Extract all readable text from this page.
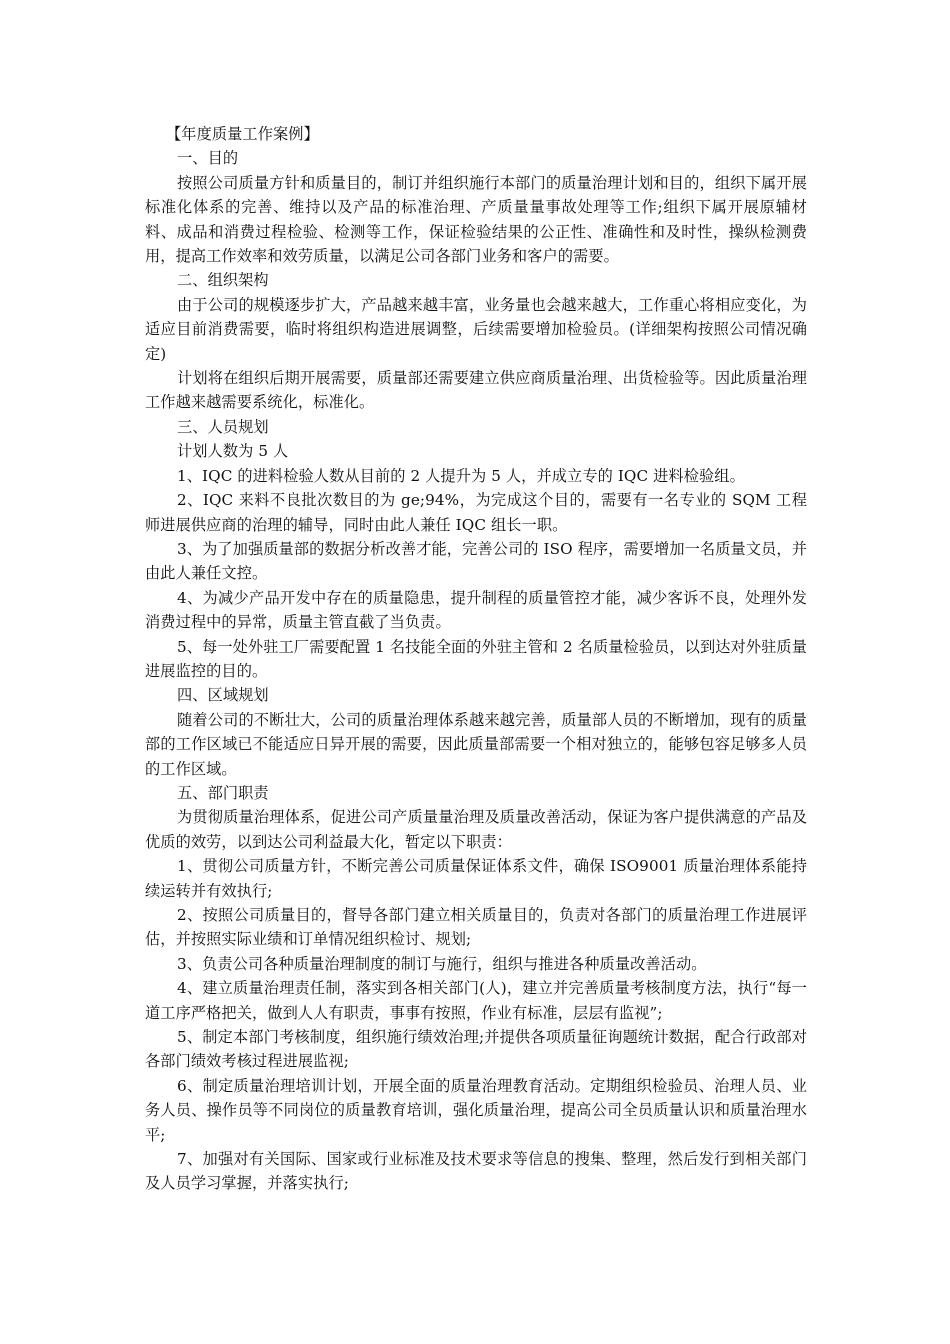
【年度质量工作案例】

一、目的

按照公司质量方针和质量目的，制订并组织施行本部门的质量治理计划和目的，组织下属开展标准化体系的完善、维持以及产品的标准治理、产质量量事故处理等工作;组织下属开展原辅材料、成品和消费过程检验、检测等工作，保证检验结果的公正性、准确性和及时性，操纵检测费用，提高工作效率和效劳质量，以满足公司各部门业务和客户的需要。

二、组织架构

由于公司的规模逐步扩大，产品越来越丰富，业务量也会越来越大，工作重心将相应变化，为适应目前消费需要，临时将组织构造进展调整，后续需要增加检验员。(详细架构按照公司情况确定)

计划将在组织后期开展需要，质量部还需要建立供应商质量治理、出货检验等。因此质量治理工作越来越需要系统化，标准化。

三、人员规划

计划人数为 5 人

1、IQC 的进料检验人数从目前的 2 人提升为 5 人，并成立专的 IQC 进料检验组。

2、IQC 来料不良批次数目的为 ge;94%，为完成这个目的，需要有一名专业的 SQM 工程师进展供应商的治理的辅导，同时由此人兼任 IQC 组长一职。

3、为了加强质量部的数据分析改善才能，完善公司的 ISO 程序，需要增加一名质量文员，并由此人兼任文控。

4、为减少产品开发中存在的质量隐患，提升制程的质量管控才能，减少客诉不良，处理外发消费过程中的异常，质量主管直截了当负责。

5、每一处外驻工厂需要配置 1 名技能全面的外驻主管和 2 名质量检验员，以到达对外驻质量进展监控的目的。

四、区域规划

随着公司的不断壮大，公司的质量治理体系越来越完善，质量部人员的不断增加，现有的质量部的工作区域已不能适应日异开展的需要，因此质量部需要一个相对独立的，能够包容足够多人员的工作区域。

五、部门职责

为贯彻质量治理体系，促进公司产质量量治理及质量改善活动，保证为客户提供满意的产品及优质的效劳，以到达公司利益最大化，暂定以下职责：

1、贯彻公司质量方针，不断完善公司质量保证体系文件，确保 ISO9001 质量治理体系能持续运转并有效执行;

2、按照公司质量目的，督导各部门建立相关质量目的，负责对各部门的质量治理工作进展评估，并按照实际业绩和订单情况组织检讨、规划;

3、负责公司各种质量治理制度的制订与施行，组织与推进各种质量改善活动。

4、建立质量治理责任制，落实到各相关部门(人)，建立并完善质量考核制度方法，执行“每一道工序严格把关，做到人人有职责，事事有按照，作业有标准，层层有监视”;

5、制定本部门考核制度，组织施行绩效治理;并提供各项质量征询题统计数据，配合行政部对各部门绩效考核过程进展监视;

6、制定质量治理培训计划，开展全面的质量治理教育活动。定期组织检验员、治理人员、业务人员、操作员等不同岗位的质量教育培训，强化质量治理，提高公司全员质量认识和质量治理水平;

7、加强对有关国际、国家或行业标准及技术要求等信息的搜集、整理，然后发行到相关部门及人员学习掌握，并落实执行;
